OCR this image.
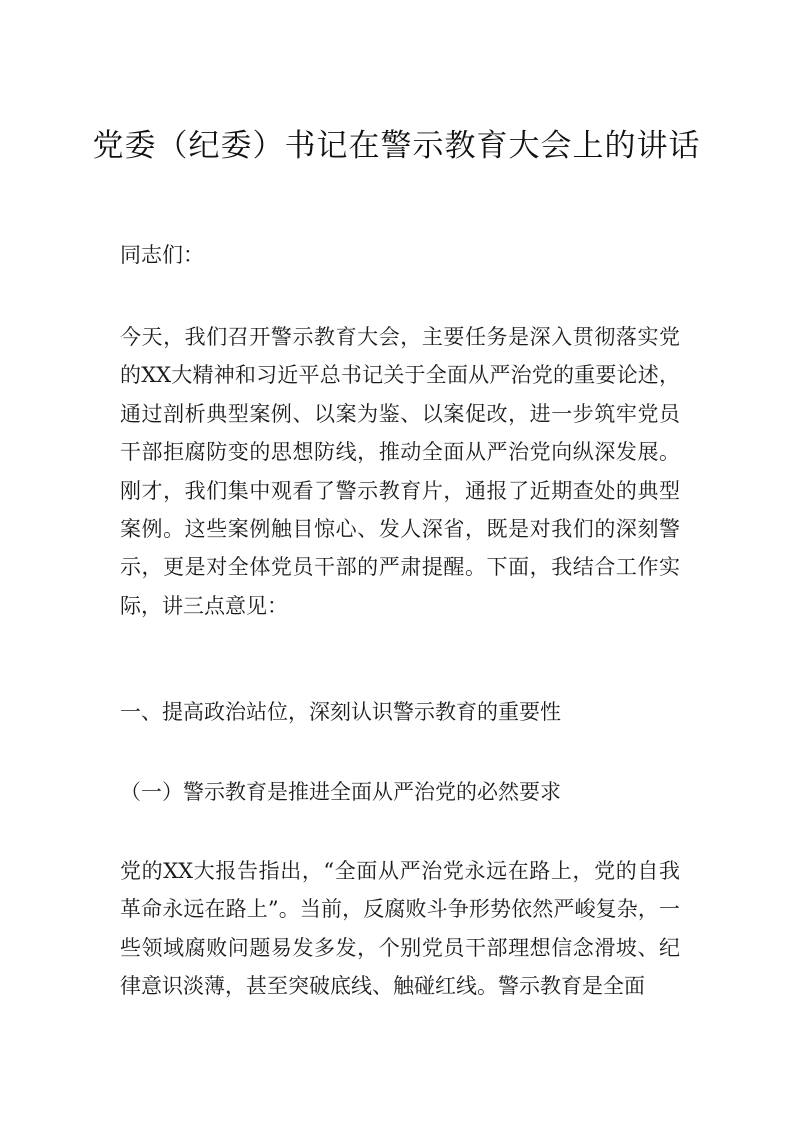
党委（纪委）书记在警示教育大会上的讲话
同志们：
今天，我们召开警示教育大会，主要任务是深入贯彻落实党的XX大精神和习近平总书记关于全面从严治党的重要论述，通过剖析典型案例、以案为鉴、以案促改，进一步筑牢党员干部拒腐防变的思想防线，推动全面从严治党向纵深发展。刚才，我们集中观看了警示教育片，通报了近期查处的典型案例。这些案例触目惊心、发人深省，既是对我们的深刻警示，更是对全体党员干部的严肃提醒。下面，我结合工作实际，讲三点意见：
一、提高政治站位，深刻认识警示教育的重要性
（一）警示教育是推进全面从严治党的必然要求
党的XX大报告指出，“全面从严治党永远在路上，党的自我革命永远在路上”。当前，反腐败斗争形势依然严峻复杂，一些领域腐败问题易发多发，个别党员干部理想信念滑坡、纪律意识淡薄，甚至突破底线、触碰红线。警示教育是全面
